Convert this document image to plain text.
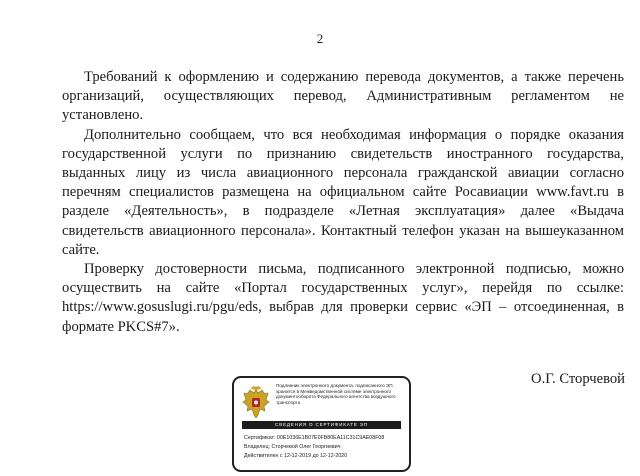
2

Требований к оформлению и содержанию перевода документов, а также перечень организаций, осуществляющих перевод, Административным регламентом не установлено.

Дополнительно сообщаем, что вся необходимая информация о порядке оказания государственной услуги по признанию свидетельств иностранного государства, выданных лицу из числа авиационного персонала гражданской авиации согласно перечням специалистов размещена на официальном сайте Росавиации www.favt.ru в разделе «Деятельность», в подразделе «Летная эксплуатация» далее «Выдача свидетельств авиационного персонала». Контактный телефон указан на вышеуказанном сайте.

Проверку достоверности письма, подписанного электронной подписью, можно осуществить на сайте «Портал государственных услуг», перейдя по ссылке: https://www.gosuslugi.ru/pgu/eds, выбрав для проверки сервис «ЭП – отсоединенная, в формате PKCS#7».

О.Г. Сторчевой
Подлинник электронного документа, подписанного ЭП, хранится в Межведомственной системе электронного документооборота Федерального агентства воздушного транспорта
СВЕДЕНИЯ О СЕРТИФИКАТЕ ЭП
Сертификат: 00E1036E1B07E0FB80EA11C31C9AE08F08
Владелец: Сторчевой Олег Георгиевич
Действителен с 12-12-2019 до 12-12-2020
